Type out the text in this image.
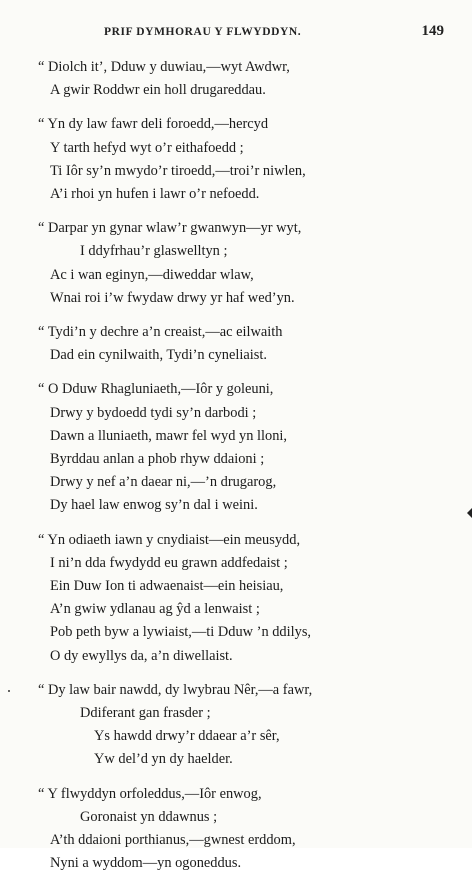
PRIF DYMHORAU Y FLWYDDYN.	149
“ Diolch it’, Dduw y duwiau,—wyt Awdwr,
A gwir Roddwr ein holl drugareddau.
“ Yn dy law fawr deli foroedd,—hercyd
Y tarth hefyd wyt o’r eithafoedd ;
Ti Iôr sy’n mwydo’r tiroedd,—troi’r niwlen,
A’i rhoi yn hufen i lawr o’r nefoedd.
“ Darpar yn gynar wlaw’r gwanwyn—yr wyt,
I ddyfrhau’r glaswelltyn ;
Ac i wan eginyn,—diweddar wlaw,
Wnai roi i’w fwydaw drwy yr haf wed’yn.
“ Tydi’n y dechre a’n creaist,—ac eilwaith
Dad ein cynilwaith, Tydi’n cyneliaist.
“ O Dduw Rhagluniaeth,—Iôr y goleuni,
Drwy y bydoedd tydi sy’n darbodi ;
Dawn a lluniaeth, mawr fel wyd yn lloni,
Byrddau anlan a phob rhyw ddaioni ;
Drwy y nef a’n daear ni,—’n drugarog,
Dy hael law enwog sy’n dal i weini.
“ Yn odiaeth iawn y cnydiaist—ein meusydd,
I ni’n dda fwydydd eu grawn addfedaist ;
Ein Duw Ion ti adwaenaist—ein heisiau,
A’n gwiw ydlanau ag ŷd a lenwaist ;
Pob peth byw a lywiaist,—ti Dduw ’n ddilys,
O dy ewyllys da, a’n diwellaist.
“ Dy law bair nawdd, dy lwybrau Nêr,—a fawr,
Ddiferant gan frasder ;
Ys hawdd drwy’r ddaear a’r sêr,
Yw del’d yn dy haelder.
“ Y flwyddyn orfoleddus,—Iôr enwog,
Goronaist yn ddawnus ;
A’th ddaioni porthianus,—gwnest erddom,
Nyni a wyddom—yn ogoneddus.
